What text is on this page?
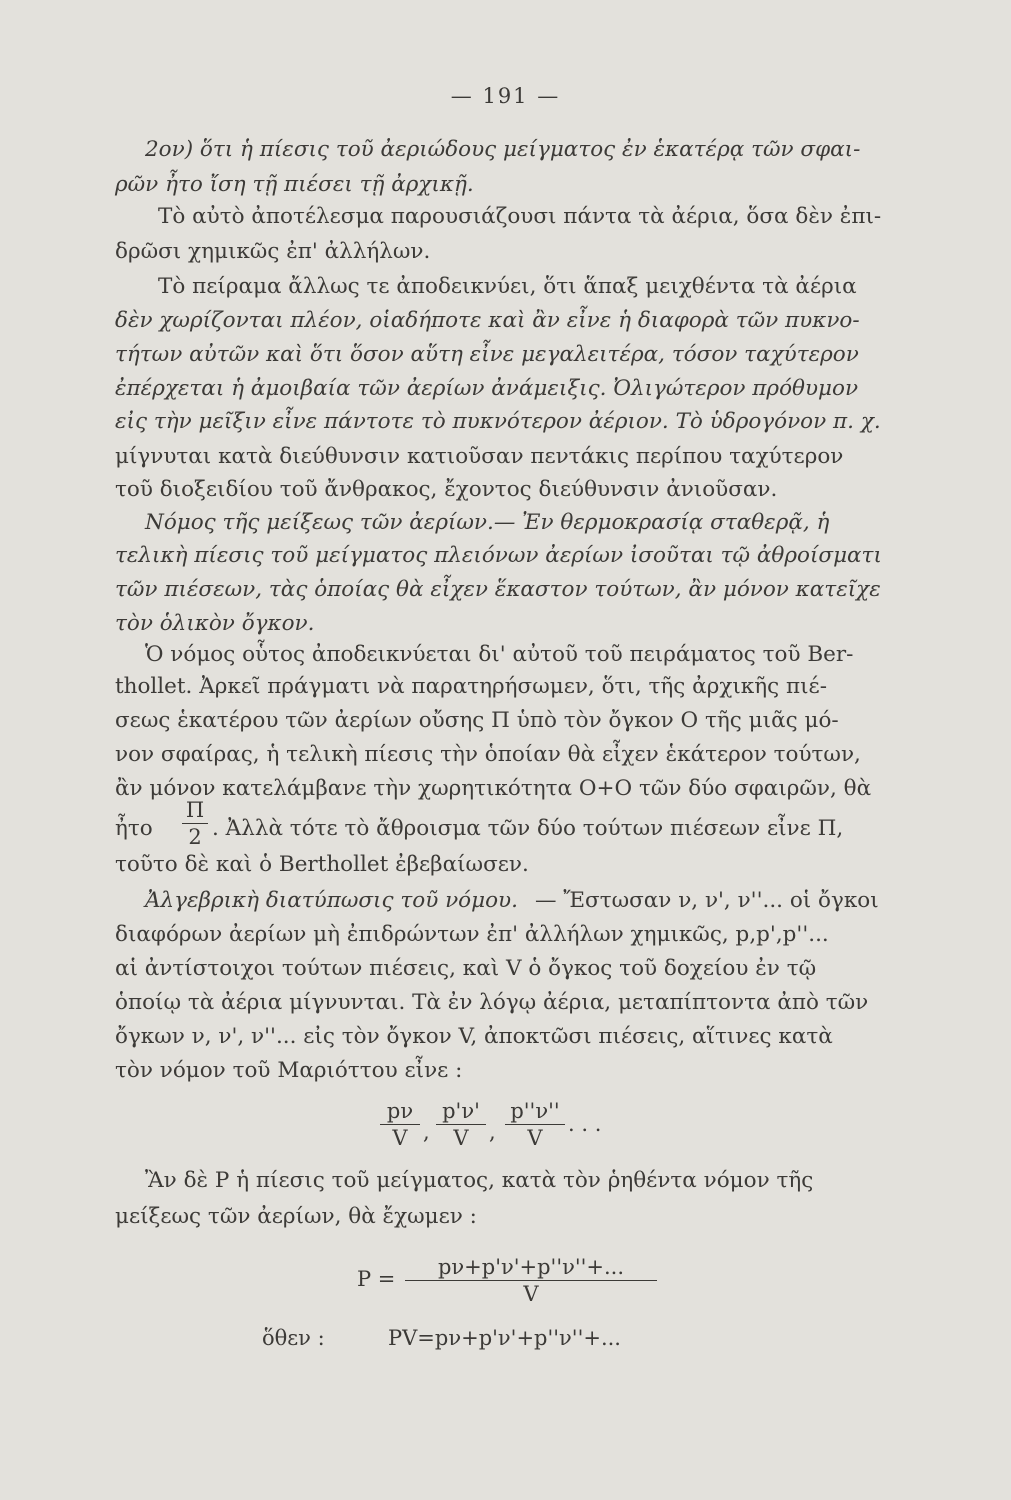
— 191 —
2ον) ὅτι ἡ πίεσις τοῦ ἀεριώδους μείγματος ἐν ἑκατέρᾳ τῶν σφαι-
ρῶν ἦτο ἴση τῇ πιέσει τῇ ἀρχικῇ.
Τὸ αὐτὸ ἀποτέλεσμα παρουσιάζουσι πάντα τὰ ἀέρια, ὅσα δὲν ἐπι-
δρῶσι χημικῶς ἐπ' ἀλλήλων.
Τὸ πείραμα ἄλλως τε ἀποδεικνύει, ὅτι ἅπαξ μειχθέντα τὰ ἀέρια
δὲν χωρίζονται πλέον, οἱαδήποτε καὶ ἂν εἶνε ἡ διαφορὰ τῶν πυκνο-
τήτων αὐτῶν καὶ ὅτι ὅσον αὕτη εἶνε μεγαλειτέρα, τόσον ταχύτερον
ἐπέρχεται ἡ ἀμοιβαία τῶν ἀερίων ἀνάμειξις. Ὀλιγώτερον πρόθυμον
εἰς τὴν μεῖξιν εἶνε πάντοτε τὸ πυκνότερον ἀέριον. Τὸ ὑδρογόνον π. χ.
μίγνυται κατὰ διεύθυνσιν κατιοῦσαν πεντάκις περίπου ταχύτερον
τοῦ διοξειδίου τοῦ ἄνθρακος, ἔχοντος διεύθυνσιν ἀνιοῦσαν.
Νόμος τῆς μείξεως τῶν ἀερίων.— Ἐν θερμοκρασίᾳ σταθερᾷ, ἡ
τελικὴ πίεσις τοῦ μείγματος πλειόνων ἀερίων ἰσοῦται τῷ ἀθροίσματι
τῶν πιέσεων, τὰς ὁποίας θὰ εἶχεν ἕκαστον τούτων, ἂν μόνον κατεῖχε
τὸν ὁλικὸν ὄγκον.
Ὁ νόμος οὗτος ἀποδεικνύεται δι' αὐτοῦ τοῦ πειράματος τοῦ Ber-
thollet. Ἀρκεῖ πράγματι νὰ παρατηρήσωμεν, ὅτι, τῆς ἀρχικῆς πιέ-
σεως ἑκατέρου τῶν ἀερίων οὔσης Π ὑπὸ τὸν ὄγκον Ο τῆς μιᾶς μό-
νον σφαίρας, ἡ τελικὴ πίεσις τὴν ὁποίαν θὰ εἶχεν ἑκάτερον τούτων,
ἂν μόνον κατελάμβανε τὴν χωρητικότητα Ο+Ο τῶν δύο σφαιρῶν, θὰ
ἦτο $\frac{\Pi}{2}$ . Ἀλλὰ τότε τὸ ἄθροισμα τῶν δύο τούτων πιέσεων εἶνε Π,
τοῦτο δὲ καὶ ὁ Berthollet ἐβεβαίωσεν.
Ἀλγεβρικὴ διατύπωσις τοῦ νόμου. — Ἔστωσαν ν, ν', ν''... οἱ ὄγκοι
διαφόρων ἀερίων μὴ ἐπιδρώντων ἐπ' ἀλλήλων χημικῶς, p,p',p''...
αἱ ἀντίστοιχοι τούτων πιέσεις, καὶ V ὁ ὄγκος τοῦ δοχείου ἐν τῷ
ὁποίῳ τὰ ἀέρια μίγνυνται. Τὰ ἐν λόγῳ ἀέρια, μεταπίπτοντα ἀπὸ τῶν
ὄγκων ν, ν', ν''... εἰς τὸν ὄγκον V, ἀποκτῶσι πιέσεις, αἵτινες κατὰ
τὸν νόμον τοῦ Μαριόττου εἶνε :
$\frac{p\nu}{V}$ , $\frac{p'\nu'}{V}$ , $\frac{p''\nu''}{V}$ . . .
Ἂν δὲ P ἡ πίεσις τοῦ μείγματος, κατὰ τὸν ῥηθέντα νόμον τῆς
μείξεως τῶν ἀερίων, θὰ ἔχωμεν :
$P = \frac{p\nu+p'\nu'+p''\nu''+...}{V}$
ὅθεν :	PV=pν+p'ν'+p''ν''+...
